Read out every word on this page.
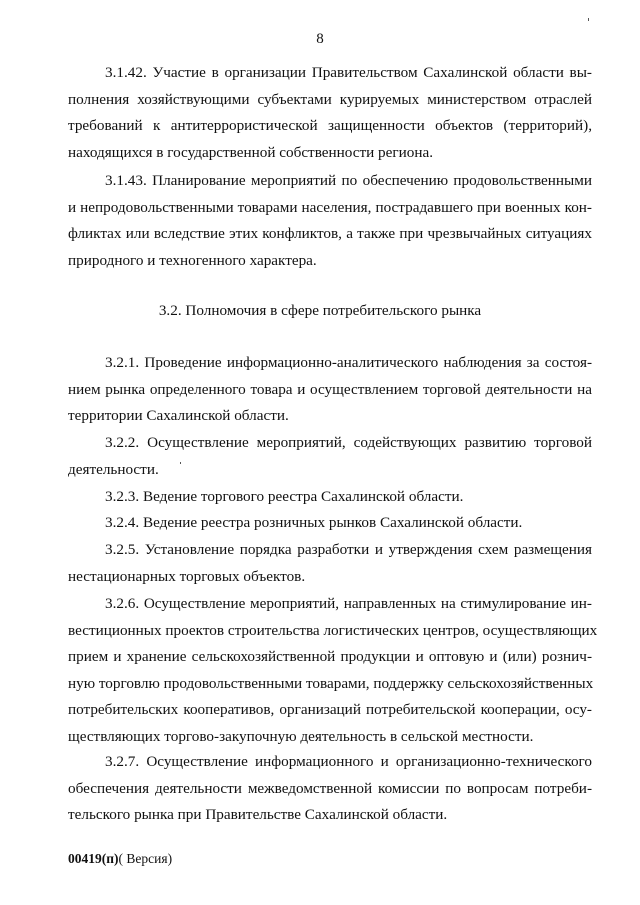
8
3.1.42. Участие в организации Правительством Сахалинской области вы-
полнения хозяйствующими субъектами курируемых министерством отраслей
требований к антитеррористической защищенности объектов (территорий),
находящихся в государственной собственности региона.
3.1.43. Планирование мероприятий по обеспечению продовольственными
и непродовольственными товарами населения, пострадавшего при военных кон-
фликтах или вследствие этих конфликтов, а также при чрезвычайных ситуациях
природного и техногенного характера.
3.2. Полномочия в сфере потребительского рынка
3.2.1. Проведение информационно-аналитического наблюдения за состоя-
нием рынка определенного товара и осуществлением торговой деятельности на
территории Сахалинской области.
3.2.2. Осуществление мероприятий, содействующих развитию торговой
деятельности.
3.2.3. Ведение торгового реестра Сахалинской области.
3.2.4. Ведение реестра розничных рынков Сахалинской области.
3.2.5. Установление порядка разработки и утверждения схем размещения
нестационарных торговых объектов.
3.2.6. Осуществление мероприятий, направленных на стимулирование ин-
вестиционных проектов строительства логистических центров, осуществляющих
прием и хранение сельскохозяйственной продукции и оптовую и (или) рознич-
ную торговлю продовольственными товарами, поддержку сельскохозяйственных
потребительских кооперативов, организаций потребительской кооперации, осу-
ществляющих торгово-закупочную деятельность в сельской местности.
3.2.7. Осуществление информационного и организационно-технического
обеспечения деятельности межведомственной комиссии по вопросам потреби-
тельского рынка при Правительстве Сахалинской области.
00419(п)( Версия)
